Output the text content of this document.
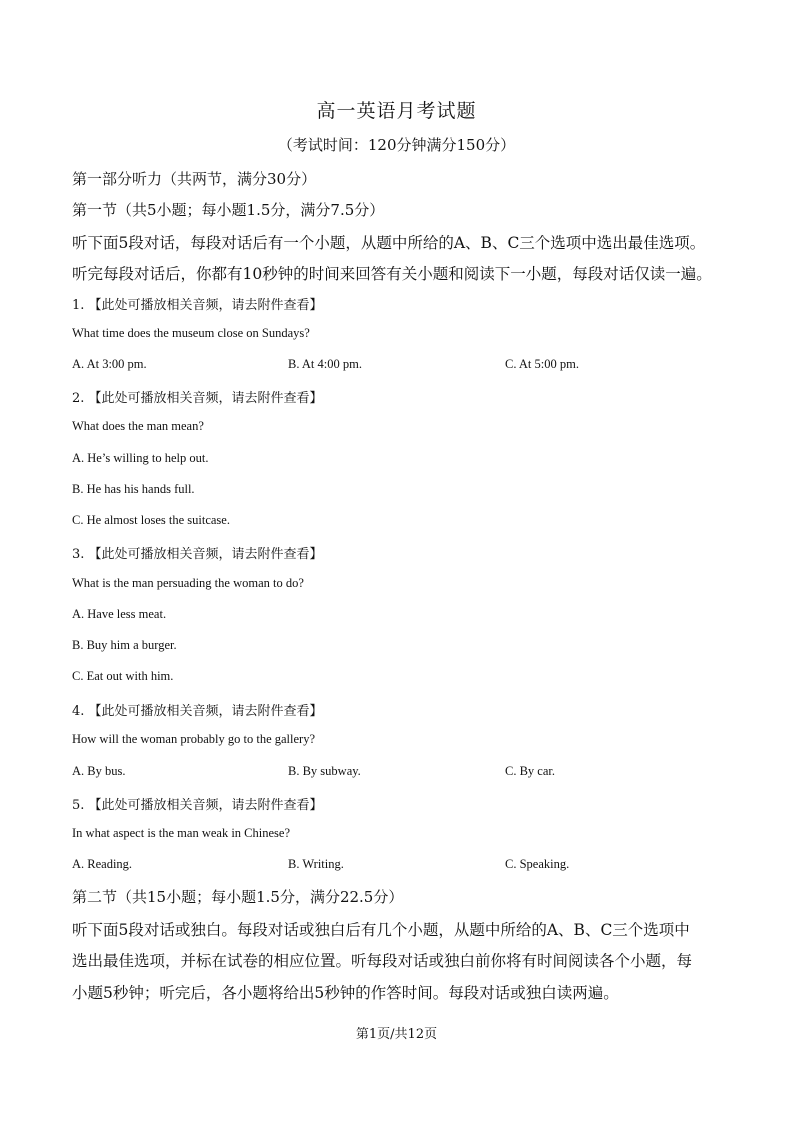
高一英语月考试题
（考试时间：120分钟满分150分）
第一部分听力（共两节，满分30分）
第一节（共5小题；每小题1.5分，满分7.5分）
听下面5段对话，每段对话后有一个小题，从题中所给的A、B、C三个选项中选出最佳选项。
听完每段对话后，你都有10秒钟的时间来回答有关小题和阅读下一小题，每段对话仅读一遍。
1. 【此处可播放相关音频，请去附件查看】
What time does the museum close on Sundays?
A. At 3:00 pm.	B. At 4:00 pm.	C. At 5:00 pm.
2. 【此处可播放相关音频，请去附件查看】
What does the man mean?
A. He’s willing to help out.
B. He has his hands full.
C. He almost loses the suitcase.
3. 【此处可播放相关音频，请去附件查看】
What is the man persuading the woman to do?
A. Have less meat.
B. Buy him a burger.
C. Eat out with him.
4. 【此处可播放相关音频，请去附件查看】
How will the woman probably go to the gallery?
A. By bus.	B. By subway.	C. By car.
5. 【此处可播放相关音频，请去附件查看】
In what aspect is the man weak in Chinese?
A. Reading.	B. Writing.	C. Speaking.
第二节（共15小题；每小题1.5分，满分22.5分）
听下面5段对话或独白。每段对话或独白后有几个小题，从题中所给的A、B、C三个选项中
选出最佳选项，并标在试卷的相应位置。听每段对话或独白前你将有时间阅读各个小题，每
小题5秒钟；听完后，各小题将给出5秒钟的作答时间。每段对话或独白读两遍。
第1页/共12页
